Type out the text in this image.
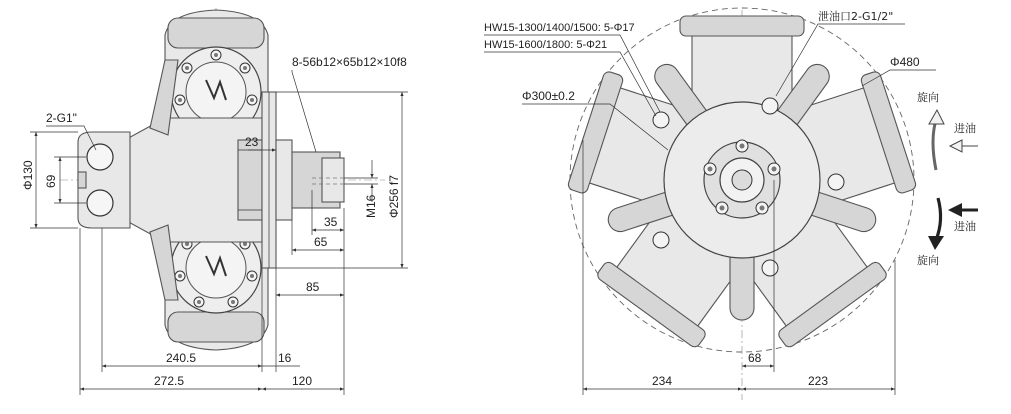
Φ130 69
2-G1"
8-56b12×65b12×10f8
23
Φ256 f7
M16
35
65
85
240.5	16
272.5	120
HW15-1300/1400/1500: 5-Φ17
HW15-1600/1800: 5-Φ21
泄油口2-G1/2"
Φ480
Φ300±0.2	旋向
进油
进油
旋向
68
234	223
